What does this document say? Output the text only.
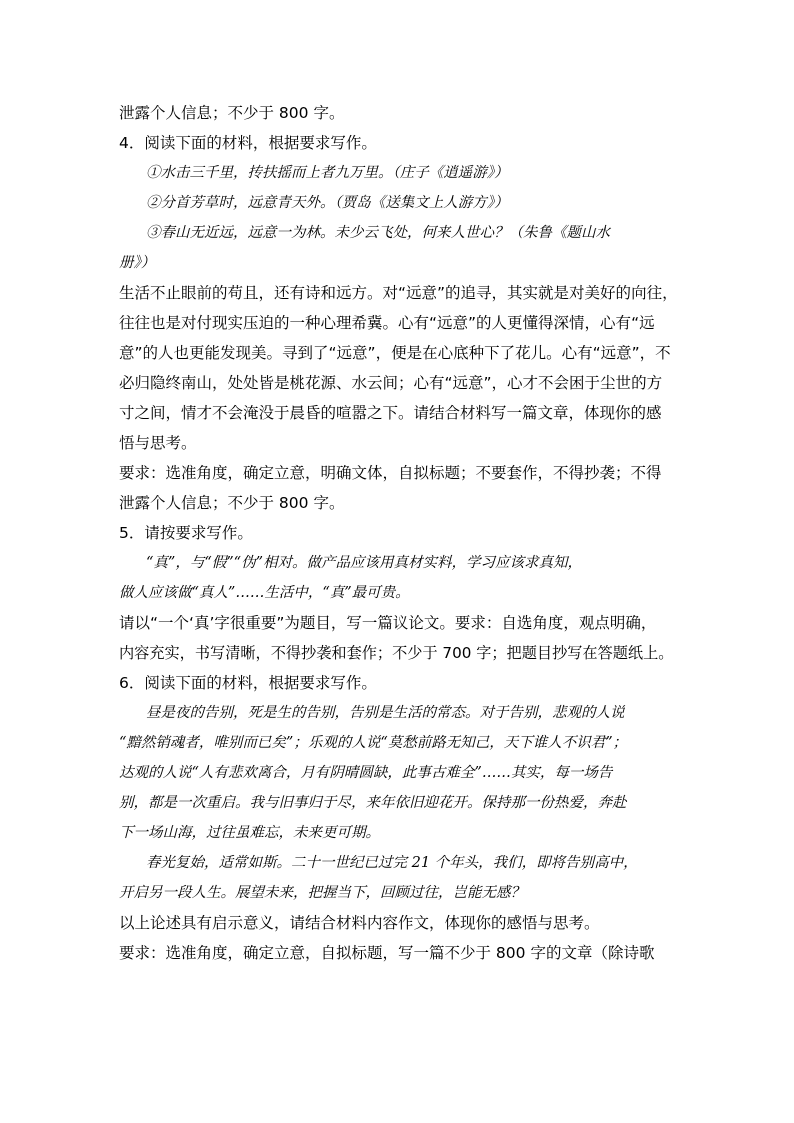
泄露个人信息；不少于 800 字。
4．阅读下面的材料，根据要求写作。
①水击三千里，抟扶摇而上者九万里。（庄子《逍遥游》）
②分首芳草时，远意青天外。（贾岛《送集文上人游方》）
③春山无近远，远意一为林。未少云飞处，何来人世心？（朱鲁《题山水
册》）
生活不止眼前的苟且，还有诗和远方。对“远意”的追寻，其实就是对美好的向往，
往往也是对付现实压迫的一种心理希冀。心有“远意”的人更懂得深情，心有“远
意”的人也更能发现美。寻到了“远意”，便是在心底种下了花儿。心有“远意”，不
必归隐终南山，处处皆是桃花源、水云间；心有“远意”，心才不会困于尘世的方
寸之间，情才不会淹没于晨昏的喧嚣之下。请结合材料写一篇文章，体现你的感
悟与思考。
要求：选准角度，确定立意，明确文体，自拟标题；不要套作，不得抄袭；不得
泄露个人信息；不少于 800 字。
5．请按要求写作。
“真”，与“假”“伪”相对。做产品应该用真材实料，学习应该求真知，
做人应该做“真人”……生活中，“真”最可贵。
请以“一个‘真’字很重要”为题目，写一篇议论文。要求：自选角度，观点明确，
内容充实，书写清晰，不得抄袭和套作；不少于 700 字；把题目抄写在答题纸上。
6．阅读下面的材料，根据要求写作。
昼是夜的告别，死是生的告别，告别是生活的常态。对于告别，悲观的人说
“黯然销魂者，唯别而已矣”；乐观的人说“莫愁前路无知己，天下谁人不识君”；
达观的人说“人有悲欢离合，月有阴晴圆缺，此事古难全”……其实，每一场告
别，都是一次重启。我与旧事归于尽，来年依旧迎花开。保持那一份热爱，奔赴
下一场山海，过往虽难忘，未来更可期。
春光复始，适常如斯。二十一世纪已过完 21 个年头，我们，即将告别高中，
开启另一段人生。展望未来，把握当下，回顾过往，岂能无感？
以上论述具有启示意义，请结合材料内容作文，体现你的感悟与思考。
要求：选准角度，确定立意，自拟标题，写一篇不少于 800 字的文章（除诗歌
